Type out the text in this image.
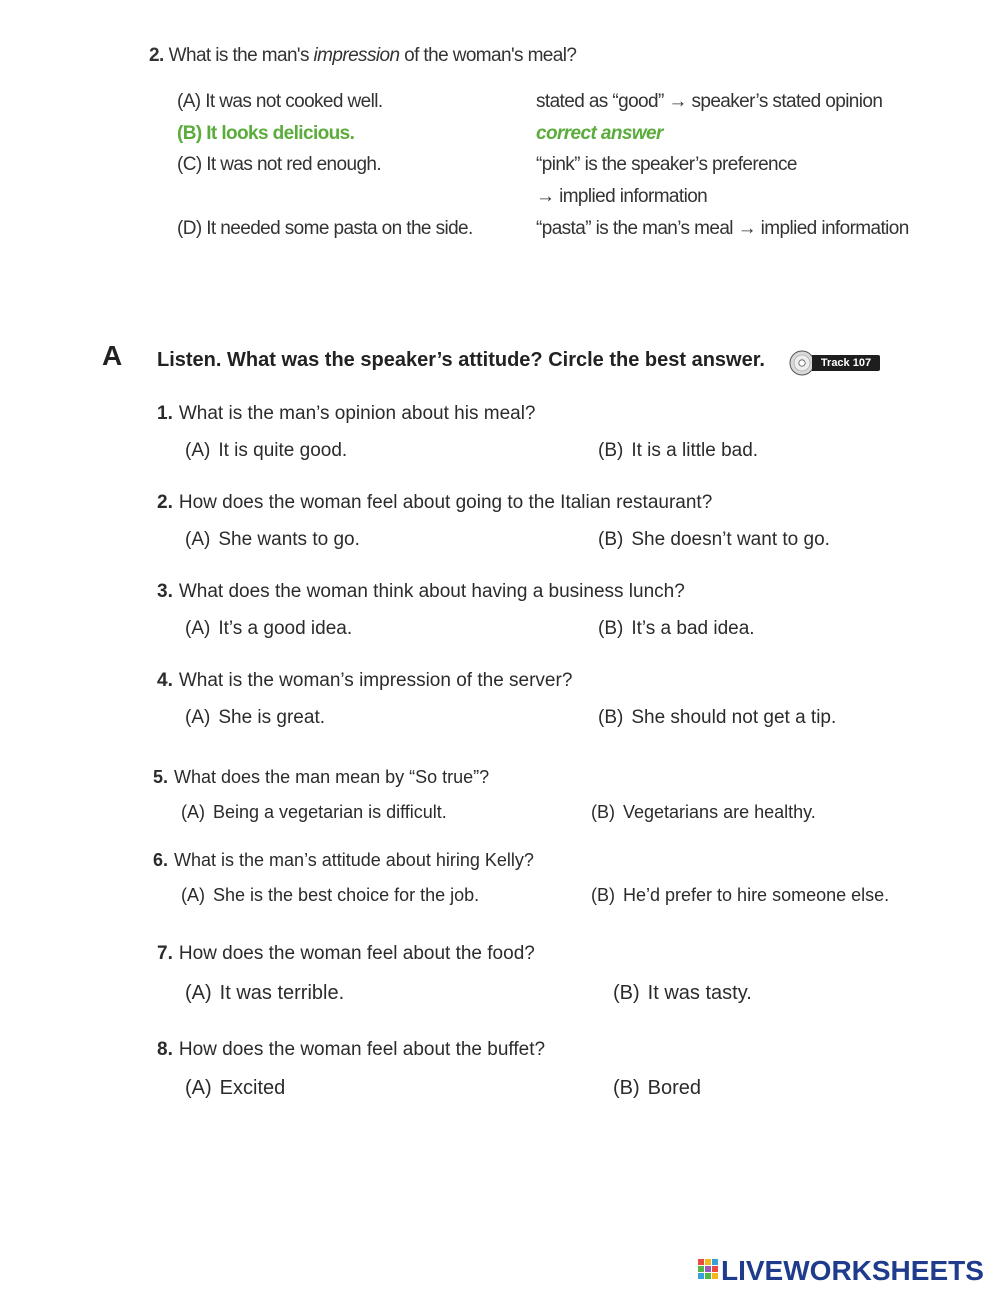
2. What is the man's impression of the woman's meal?
(A) It was not cooked well.	stated as “good” → speaker’s stated opinion
(B) It looks delicious.	correct answer
(C) It was not red enough.	“pink” is the speaker’s preference
→ implied information
(D) It needed some pasta on the side.	“pasta” is the man’s meal → implied information
A Listen. What was the speaker’s attitude? Circle the best answer.	Track 107
1. What is the man’s opinion about his meal?
(A) It is quite good.	(B) It is a little bad.
2. How does the woman feel about going to the Italian restaurant?
(A) She wants to go.	(B) She doesn’t want to go.
3. What does the woman think about having a business lunch?
(A) It’s a good idea.	(B) It’s a bad idea.
4. What is the woman’s impression of the server?
(A) She is great.	(B) She should not get a tip.
5. What does the man mean by “So true”?
(A) Being a vegetarian is difficult.	(B) Vegetarians are healthy.
6. What is the man’s attitude about hiring Kelly?
(A) She is the best choice for the job.	(B) He’d prefer to hire someone else.
7. How does the woman feel about the food?
(A) It was terrible.	(B) It was tasty.
8. How does the woman feel about the buffet?
(A) Excited	(B) Bored
LIVEWORKSHEETS
